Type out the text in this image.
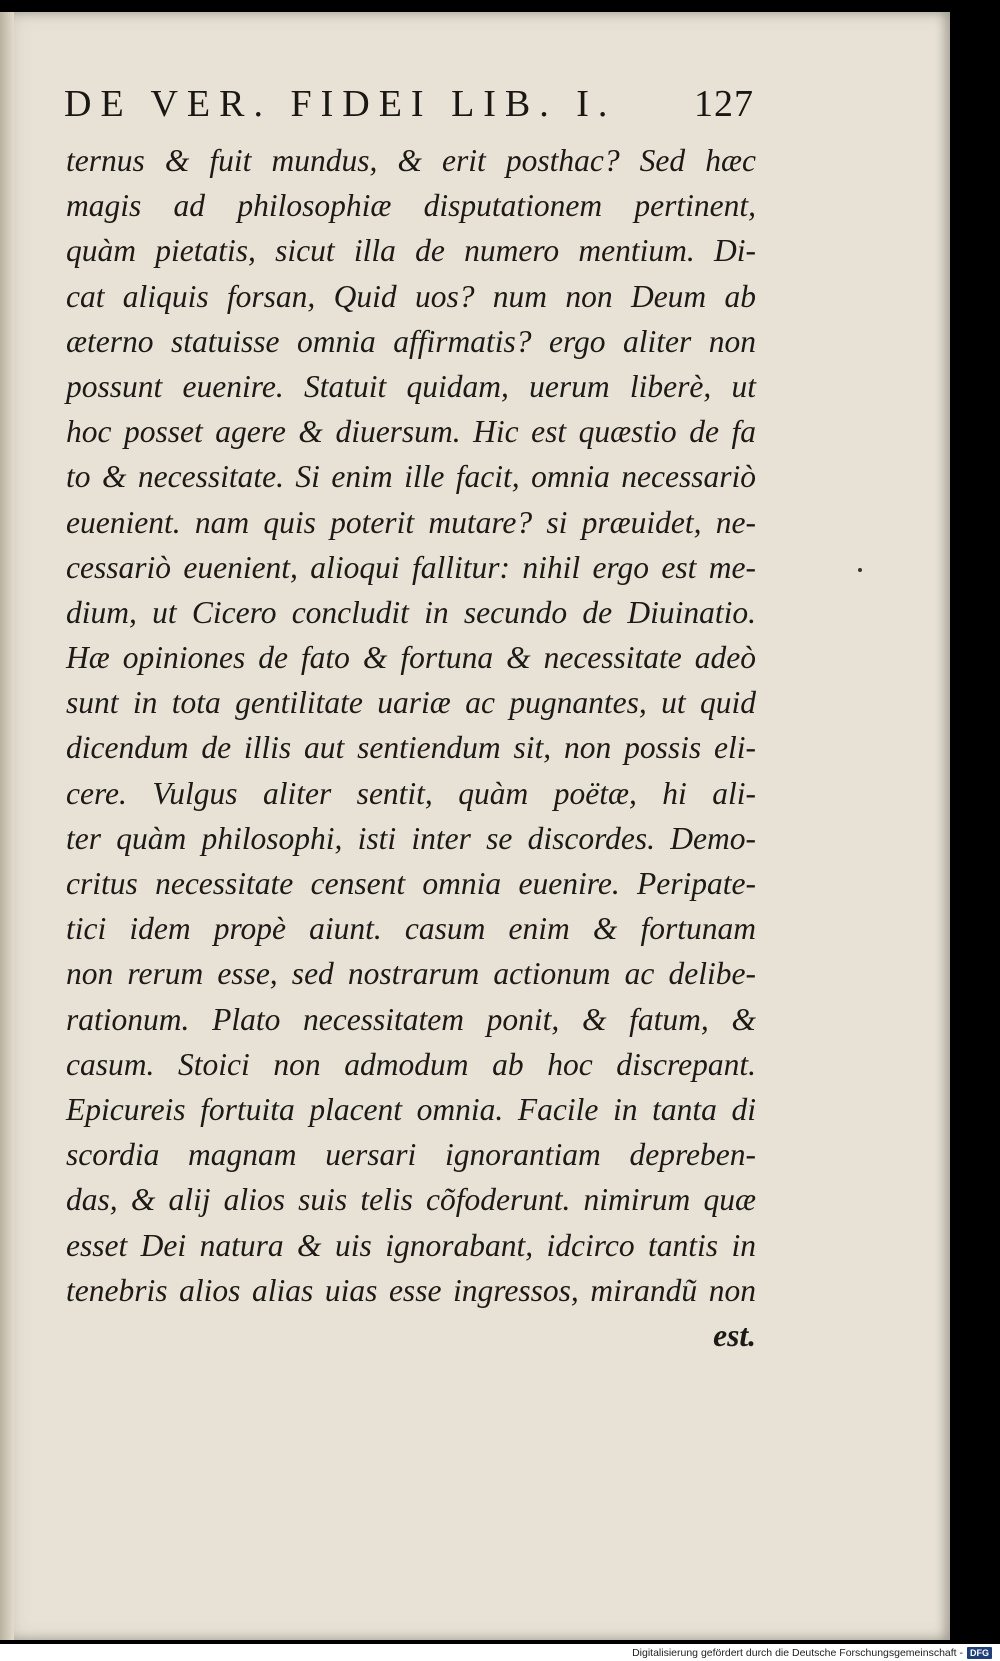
DE VER. FIDEI LIB. I. 127
ternus & fuit mundus, & erit posthac? Sed hæc
magis ad philosophiæ disputationem pertinent,
quàm pietatis, sicut illa de numero mentium. Di-
cat aliquis forsan, Quid uos? num non Deum ab
æterno statuisse omnia affirmatis? ergo aliter non
possunt euenire. Statuit quidam, uerum liberè, ut
hoc posset agere & diuersum. Hic est quæstio de fa
to & necessitate. Si enim ille facit, omnia necessariò
euenient. nam quis poterit mutare? si præuidet, ne-
cessariò euenient, alioqui fallitur: nihil ergo est me-
dium, ut Cicero concludit in secundo de Diuinatio.
Hæ opiniones de fato & fortuna & necessitate adeò
sunt in tota gentilitate uariæ ac pugnantes, ut quid
dicendum de illis aut sentiendum sit, non possis eli-
cere. Vulgus aliter sentit, quàm poëtæ, hi ali-
ter quàm philosophi, isti inter se discordes. Demo-
critus necessitate censent omnia euenire. Peripate-
tici idem propè aiunt. casum enim & fortunam
non rerum esse, sed nostrarum actionum ac delibe-
rationum. Plato necessitatem ponit, & fatum, &
casum. Stoici non admodum ab hoc discrepant.
Epicureis fortuita placent omnia. Facile in tanta di
scordia magnam uersari ignorantiam depreben-
das, & alij alios suis telis cõfoderunt. nimirum quæ
esset Dei natura & uis ignorabant, idcirco tantis in
tenebris alios alias uias esse ingressos, mirandũ non
est.
Digitalisierung gefördert durch die Deutsche Forschungsgemeinschaft - DFG
